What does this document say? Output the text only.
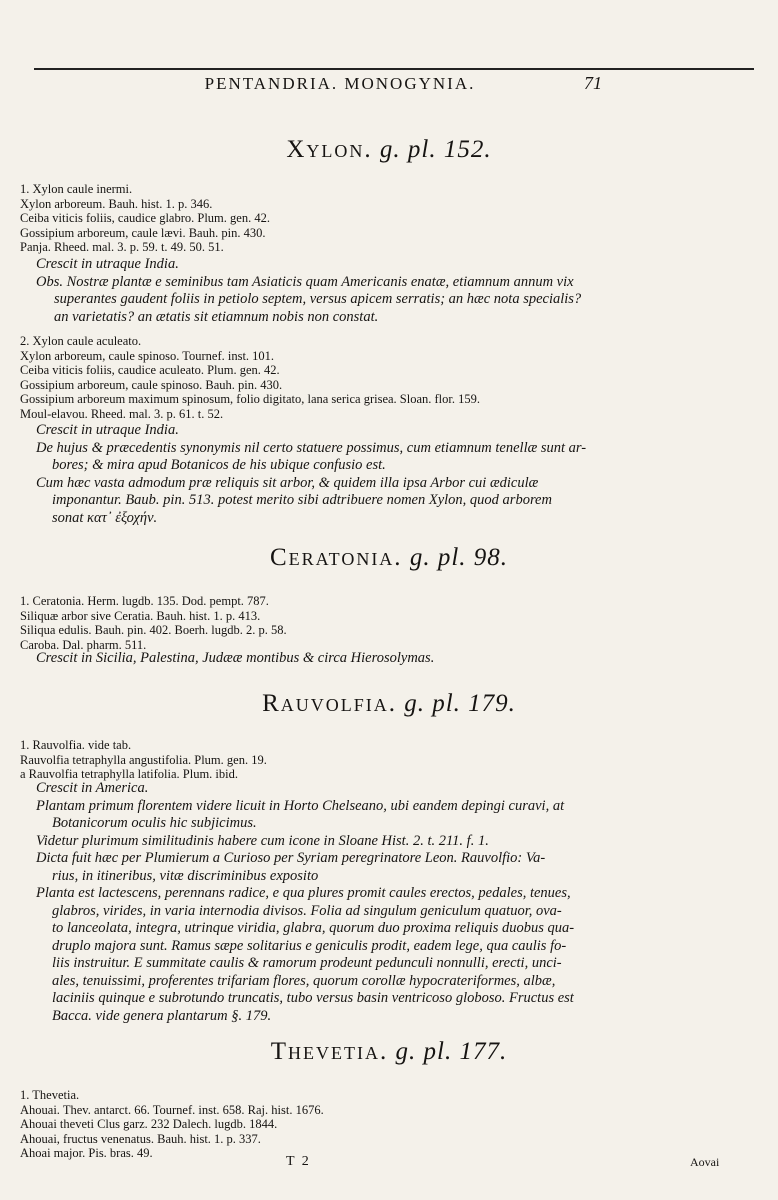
PENTANDRIA. MONOGYNIA.	71
Xylon. g. pl. 152.
1. Xylon caule inermi.
Xylon arboreum. Bauh. hist. 1. p. 346.
Ceiba viticis foliis, caudice glabro. Plum. gen. 42.
Gossipium arboreum, caule lævi. Bauh. pin. 430.
Panja. Rheed. mal. 3. p. 59. t. 49. 50. 51.
Crescit in utraque India.
Obs. Nostræ plantæ e seminibus tam Asiaticis quam Americanis enatæ, etiamnum annum vix
superantes gaudent foliis in petiolo septem, versus apicem serratis; an hæc nota specialis?
an varietatis? an ætatis sit etiamnum nobis non constat.
2. Xylon caule aculeato.
Xylon arboreum, caule spinoso. Tournef. inst. 101.
Ceiba viticis foliis, caudice aculeato. Plum. gen. 42.
Gossipium arboreum, caule spinoso. Bauh. pin. 430.
Gossipium arboreum maximum spinosum, folio digitato, lana serica grisea. Sloan. flor. 159.
Moul-elavou. Rheed. mal. 3. p. 61. t. 52.
Crescit in utraque India.
De hujus & præcedentis synonymis nil certo statuere possimus, cum etiamnum tenellæ sunt ar-
bores; & mira apud Botanicos de his ubique confusio est.
Cum hæc vasta admodum præ reliquis sit arbor, & quidem illa ipsa Arbor cui ædiculæ
imponantur. Baub. pin. 513. potest merito sibi adtribuere nomen Xylon, quod arborem
sonat κατ᾽ ἐξοχήν.
Ceratonia. g. pl. 98.
1. Ceratonia. Herm. lugdb. 135. Dod. pempt. 787.
Siliquæ arbor sive Ceratia. Bauh. hist. 1. p. 413.
Siliqua edulis. Bauh. pin. 402. Boerh. lugdb. 2. p. 58.
Caroba. Dal. pharm. 511.
Crescit in Sicilia, Palestina, Judææ montibus & circa Hierosolymas.
Rauvolfia. g. pl. 179.
1. Rauvolfia. vide tab.
Rauvolfia tetraphylla angustifolia. Plum. gen. 19.
a Rauvolfia tetraphylla latifolia. Plum. ibid.
Crescit in America.
Plantam primum florentem videre licuit in Horto Chelseano, ubi eandem depingi curavi, at
Botanicorum oculis hic subjicimus.
Videtur plurimum similitudinis habere cum icone in Sloane Hist. 2. t. 211. f. 1.
Dicta fuit hæc per Plumierum a Curioso per Syriam peregrinatore Leon. Rauvolfio: Va-
rius, in itineribus, vitæ discriminibus exposito
Planta est lactescens, perennans radice, e qua plures promit caules erectos, pedales, tenues,
glabros, virides, in varia internodia divisos. Folia ad singulum geniculum quatuor, ova-
to lanceolata, integra, utrinque viridia, glabra, quorum duo proxima reliquis duobus qua-
druplo majora sunt. Ramus sæpe solitarius e geniculis prodit, eadem lege, qua caulis fo-
liis instruitur. E summitate caulis & ramorum prodeunt pedunculi nonnulli, erecti, unci-
ales, tenuissimi, proferentes trifariam flores, quorum corollæ hypocrateriformes, albæ,
laciniis quinque e subrotundo truncatis, tubo versus basin ventricoso globoso. Fructus est
Bacca. vide genera plantarum §. 179.
Thevetia. g. pl. 177.
1. Thevetia.
Ahouai. Thev. antarct. 66. Tournef. inst. 658. Raj. hist. 1676.
Ahouai theveti Clus garz. 232 Dalech. lugdb. 1844.
Ahouai, fructus venenatus. Bauh. hist. 1. p. 337.
Ahoai major. Pis. bras. 49.
T 2	Aovai
